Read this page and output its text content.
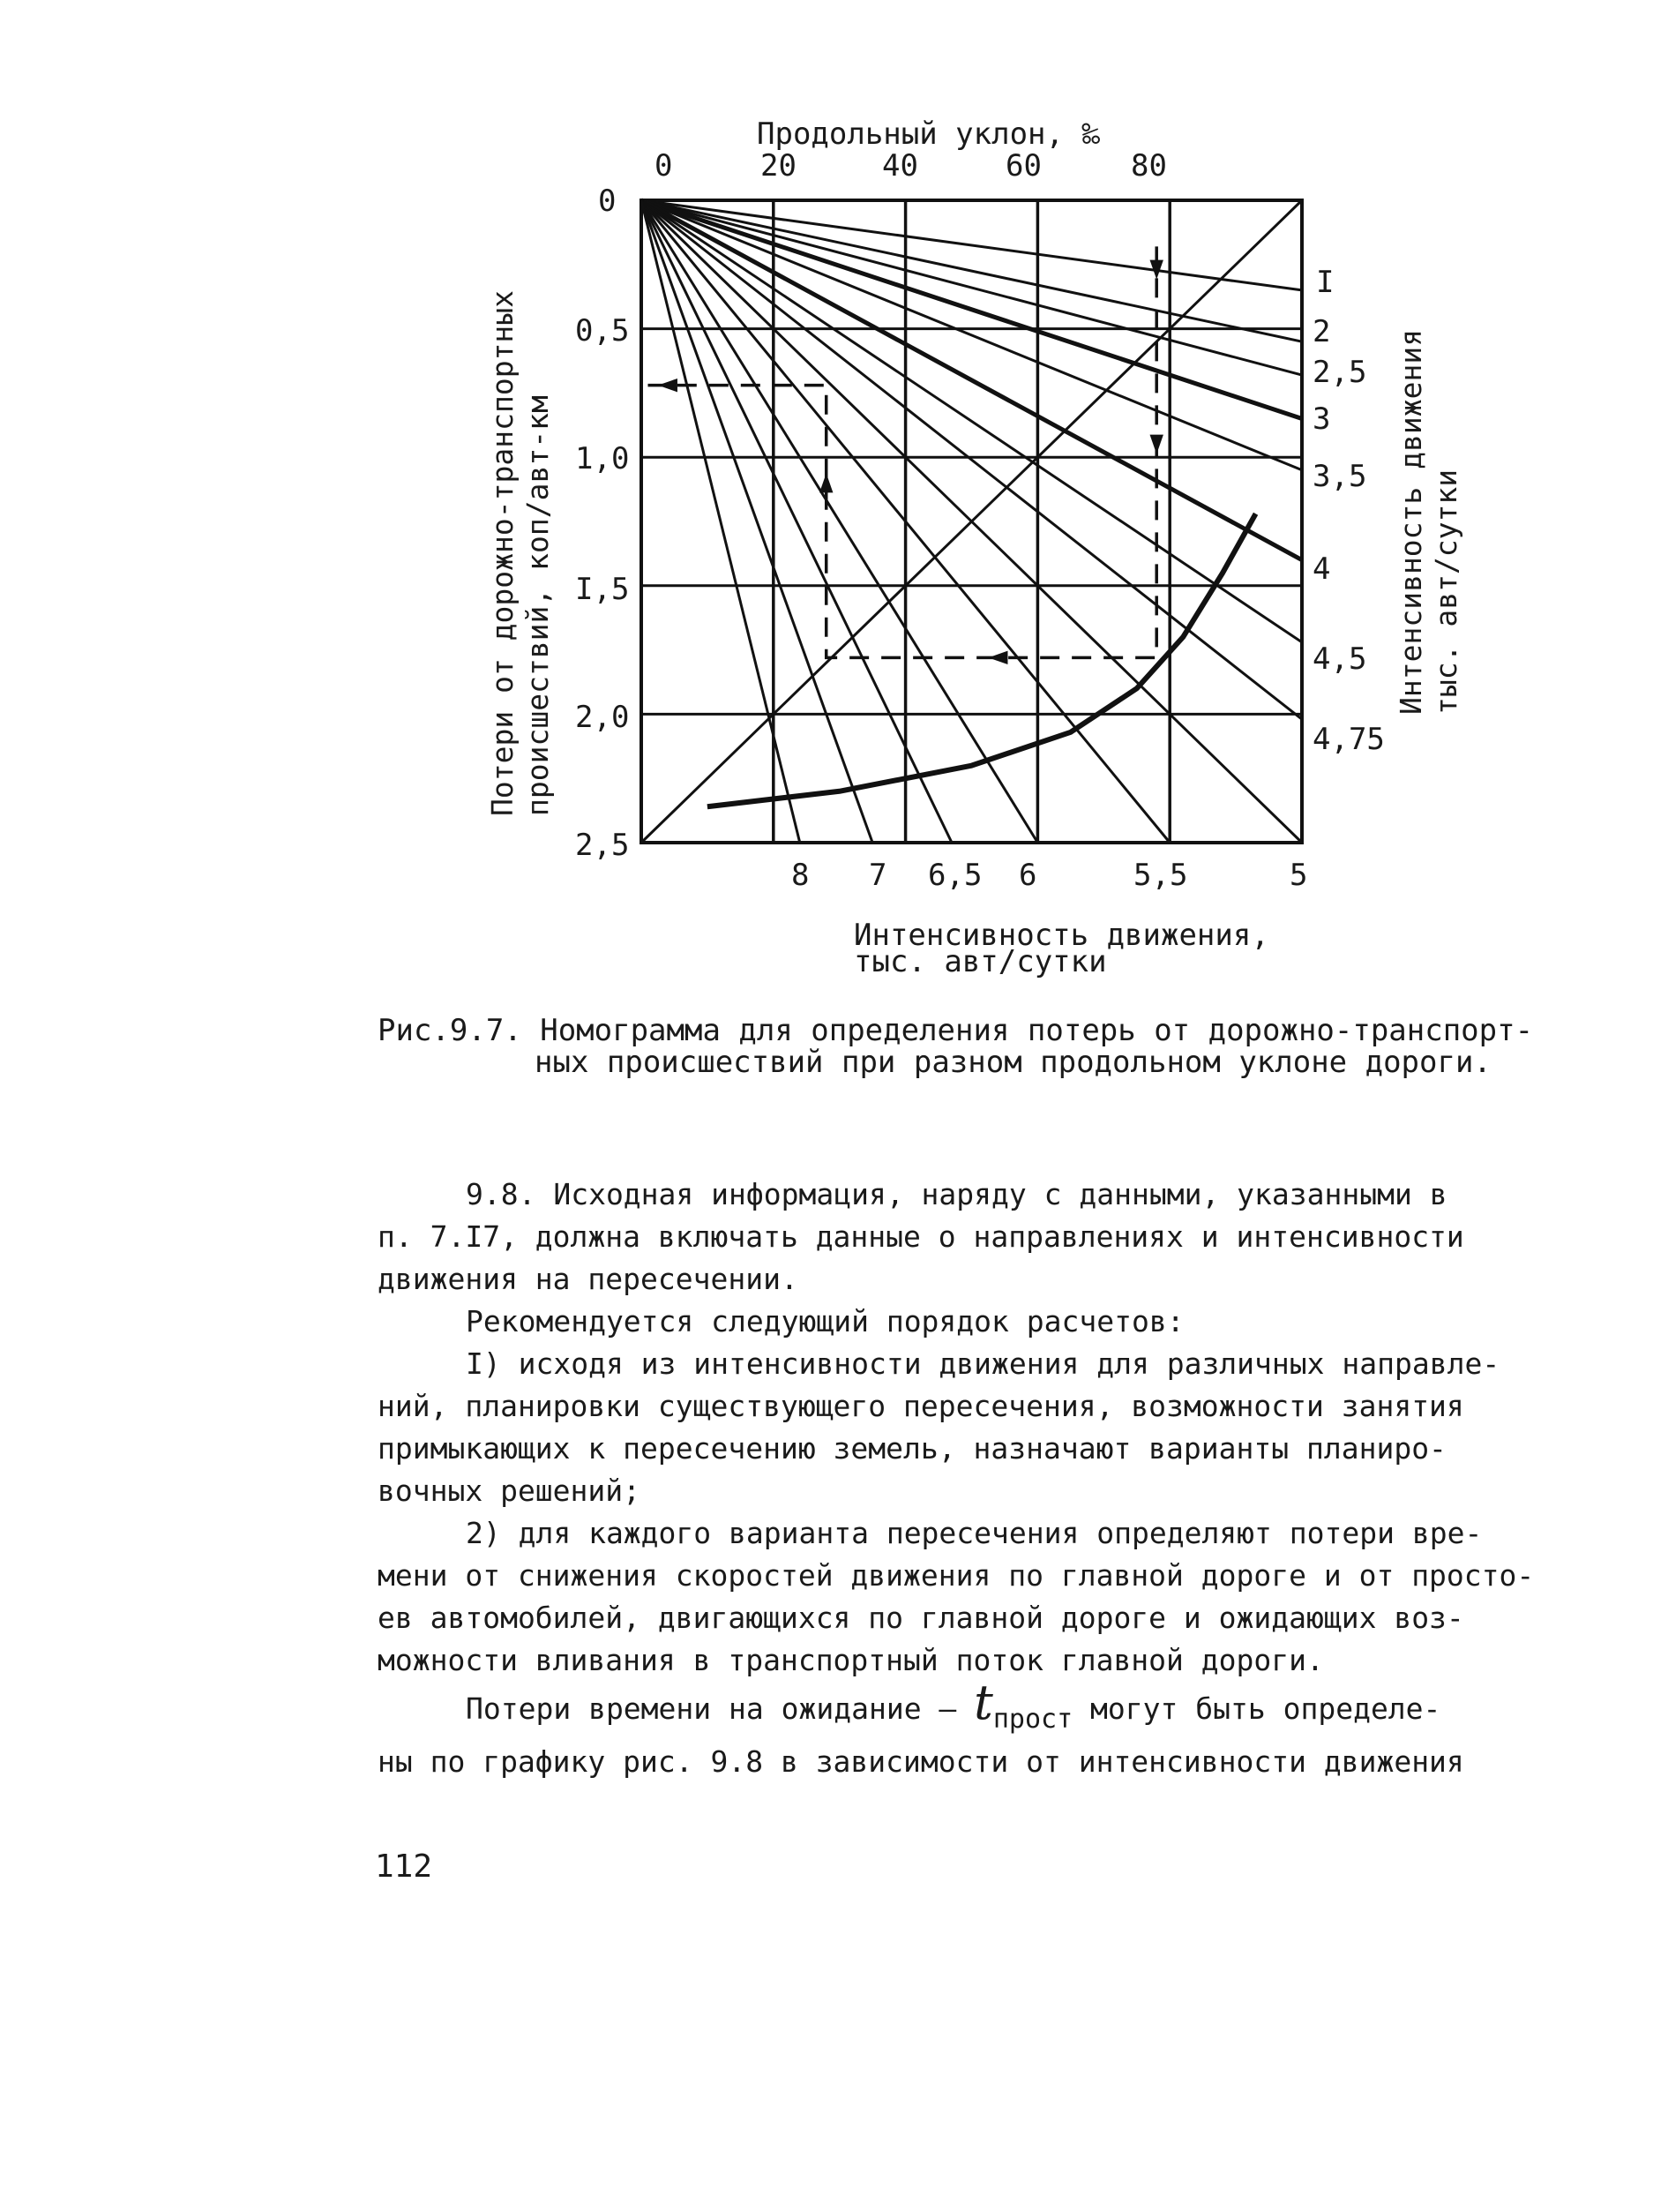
Продольный уклон, ‰
0	20	40	60	80
0
0,5
1,0
I,5
2,0
2,5
Потери от дорожно-транспортных происшествий, коп/авт-км
I
2
2,5
3
3,5
4
4,5
4,75
Интенсивность движения тыс. авт/сутки
8 7 6,5 6	5,5	5
Интенсивность движения,
тыс. авт/сутки
Рис.9.7. Номограмма для определения потерь от дорожно-транспорт-
ных происшествий при разном продольном уклоне дороги.
9.8. Исходная информация, наряду с данными, указанными в
п. 7.I7, должна включать данные о направлениях и интенсивности
движения на пересечении.
Рекомендуется следующий порядок расчетов:
I) исходя из интенсивности движения для различных направле-
ний, планировки существующего пересечения, возможности занятия
примыкающих к пересечению земель, назначают варианты планиро-
вочных решений;
2) для каждого варианта пересечения определяют потери вре-
мени от снижения скоростей движения по главной дороге и от просто-
ев автомобилей, двигающихся по главной дороге и ожидающих воз-
можности вливания в транспортный поток главной дороги.
Потери времени на ожидание – tпрост могут быть определе-
ны по графику рис. 9.8 в зависимости от интенсивности движения
112
